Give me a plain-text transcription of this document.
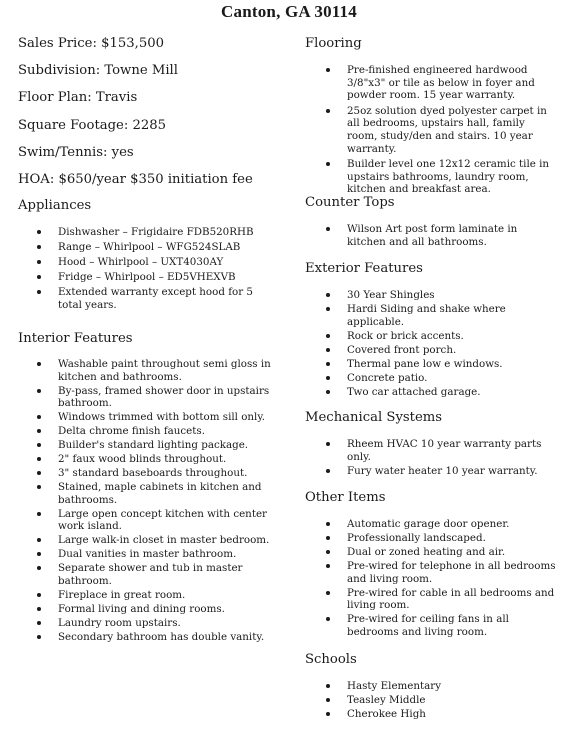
Canton, GA 30114
Sales Price: $153,500
Subdivision: Towne Mill
Floor Plan: Travis
Square Footage: 2285
Swim/Tennis: yes
HOA: $650/year $350 initiation fee
Appliances
Dishwasher – Frigidaire FDB520RHB
Range – Whirlpool – WFG524SLAB
Hood – Whirlpool – UXT4030AY
Fridge – Whirlpool – ED5VHEXVB
Extended warranty except hood for 5 total years.
Interior Features
Washable paint throughout semi gloss in kitchen and bathrooms.
By-pass, framed shower door in upstairs bathroom.
Windows trimmed with bottom sill only.
Delta chrome finish faucets.
Builder's standard lighting package.
2" faux wood blinds throughout.
3" standard baseboards throughout.
Stained, maple cabinets in kitchen and bathrooms.
Large open concept kitchen with center work island.
Large walk-in closet in master bedroom.
Dual vanities in master bathroom.
Separate shower and tub in master bathroom.
Fireplace in great room.
Formal living and dining rooms.
Laundry room upstairs.
Secondary bathroom has double vanity.
Flooring
Pre-finished engineered hardwood 3/8"x3" or tile as below in foyer and powder room. 15 year warranty.
25oz solution dyed polyester carpet in all bedrooms, upstairs hall, family room, study/den and stairs. 10 year warranty.
Builder level one 12x12 ceramic tile in upstairs bathrooms, laundry room, kitchen and breakfast area.
Counter Tops
Wilson Art post form laminate in kitchen and all bathrooms.
Exterior Features
30 Year Shingles
Hardi Siding and shake where applicable.
Rock or brick accents.
Covered front porch.
Thermal pane low e windows.
Concrete patio.
Two car attached garage.
Mechanical Systems
Rheem HVAC 10 year warranty parts only.
Fury water heater 10 year warranty.
Other Items
Automatic garage door opener.
Professionally landscaped.
Dual or zoned heating and air.
Pre-wired for telephone in all bedrooms and living room.
Pre-wired for cable in all bedrooms and living room.
Pre-wired for ceiling fans in all bedrooms and living room.
Schools
Hasty Elementary
Teasley Middle
Cherokee High
